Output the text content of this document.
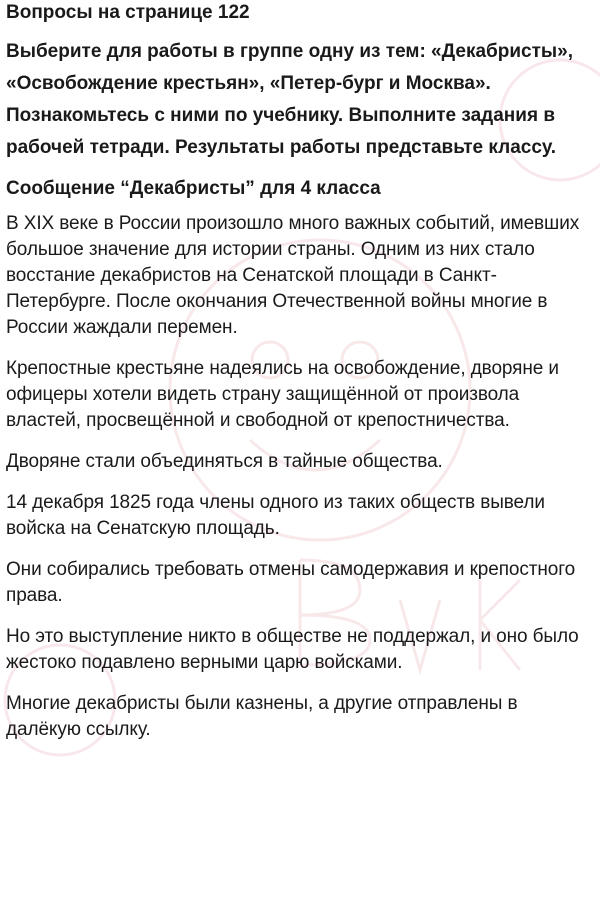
Вопросы на странице 122

Выберите для работы в группе одну из тем: «Декабристы», «Освобождение крестьян», «Петер-бург и Москва». Познакомьтесь с ними по учебнику. Выполните задания в рабочей тетради. Результаты работы представьте классу.

Сообщение “Декабристы” для 4 класса

В XIX веке в России произошло много важных событий, имевших большое значение для истории страны. Одним из них стало восстание декабристов на Сенатской площади в Санкт-Петербурге. После окончания Отечественной войны многие в России жаждали перемен.

Крепостные крестьяне надеялись на освобождение, дворяне и офицеры хотели видеть страну защищённой от произвола властей, просвещённой и свободной от крепостничества.

Дворяне стали объединяться в тайные общества.

14 декабря 1825 года члены одного из таких обществ вывели войска на Сенатскую площадь.

Они собирались требовать отмены самодержавия и крепостного права.

Но это выступление никто в обществе не поддержал, и оно было жестоко подавлено верными царю войсками.

Многие декабристы были казнены, а другие отправлены в далёкую ссылку.
